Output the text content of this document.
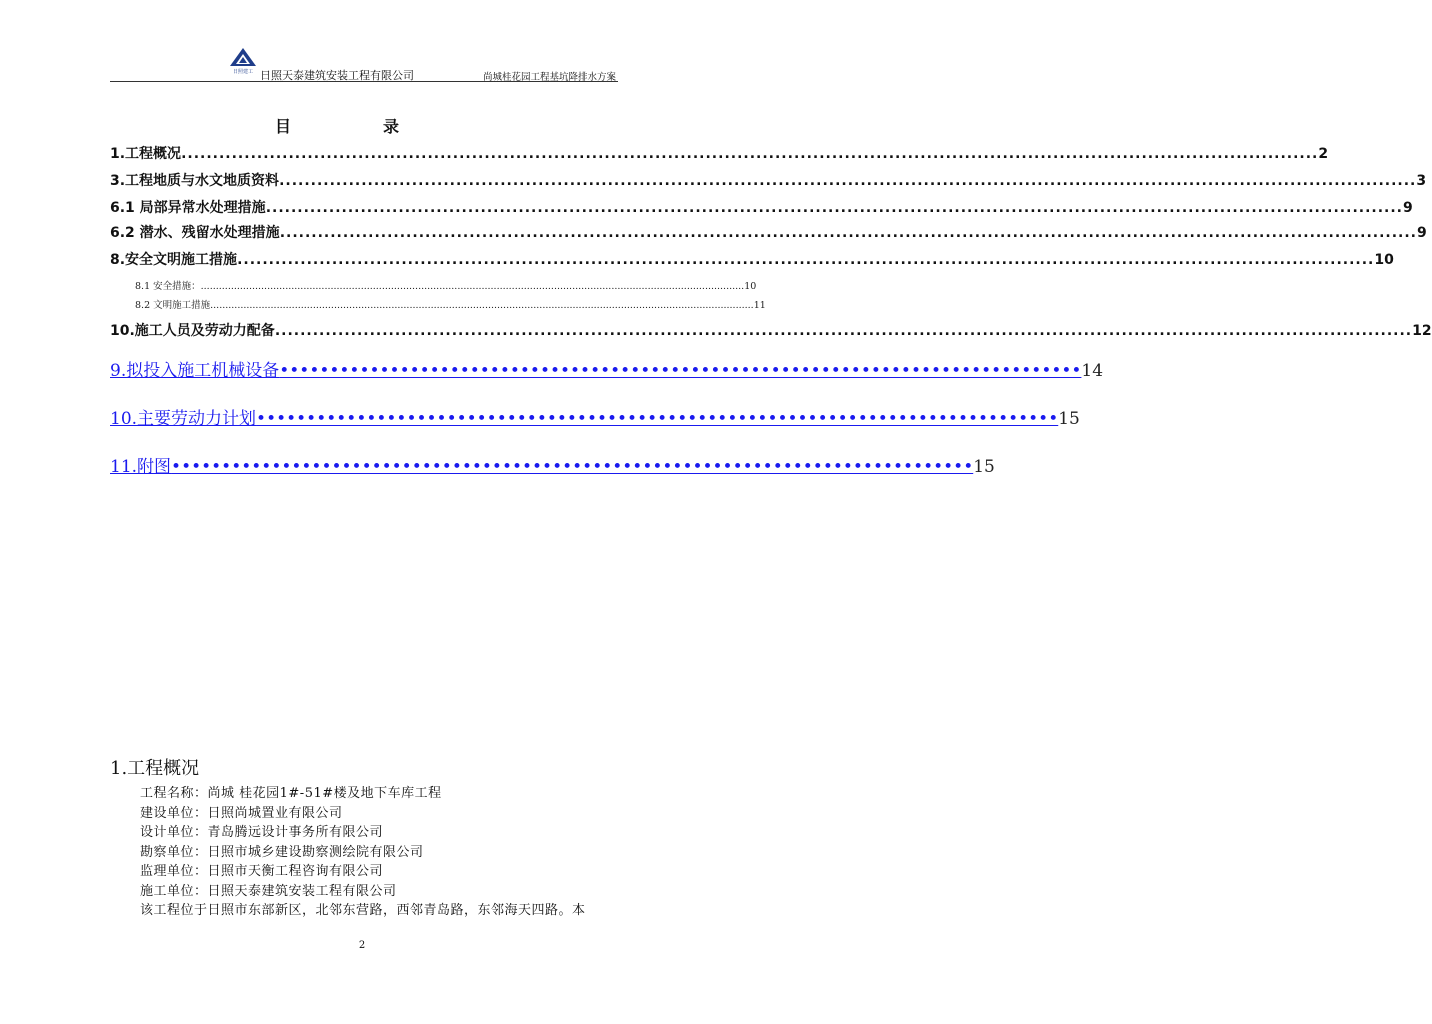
日照建工 日照天泰建筑安装工程有限公司	尚城桂花园工程基坑降排水方案
目	录
1.工程概况 .................................................................................................................................................................................... 2
3.工程地质与水文地质资料 .................................................................................................................................................................................... 3
6.1 局部异常水处理措施 .................................................................................................................................................................................... 9
6.2 潜水、残留水处理措施 .................................................................................................................................................................................... 9
8.安全文明施工措施 .................................................................................................................................................................................... 10
8.1 安全措施： .................................................................................................................................................................................... 10
8.2 文明施工措施 .................................................................................................................................................................................... 11
10.施工人员及劳动力配备 .................................................................................................................................................................................... 12
9.拟投入施工机械设备 •••••••••••••••••••••••••••••••••••••••••••••••••••••••••••••••••••••••••••••••• 14
10.主要劳动力计划 •••••••••••••••••••••••••••••••••••••••••••••••••••••••••••••••••••••••••••••••• 15
11.附图 •••••••••••••••••••••••••••••••••••••••••••••••••••••••••••••••••••••••••••••••• 15
1.工程概况
工程名称：尚城 桂花园1#-51#楼及地下车库工程
建设单位：日照尚城置业有限公司
设计单位：青岛腾远设计事务所有限公司
勘察单位：日照市城乡建设勘察测绘院有限公司
监理单位：日照市天衡工程咨询有限公司
施工单位：日照天泰建筑安装工程有限公司
该工程位于日照市东部新区，北邻东营路，西邻青岛路，东邻海天四路。本
2
